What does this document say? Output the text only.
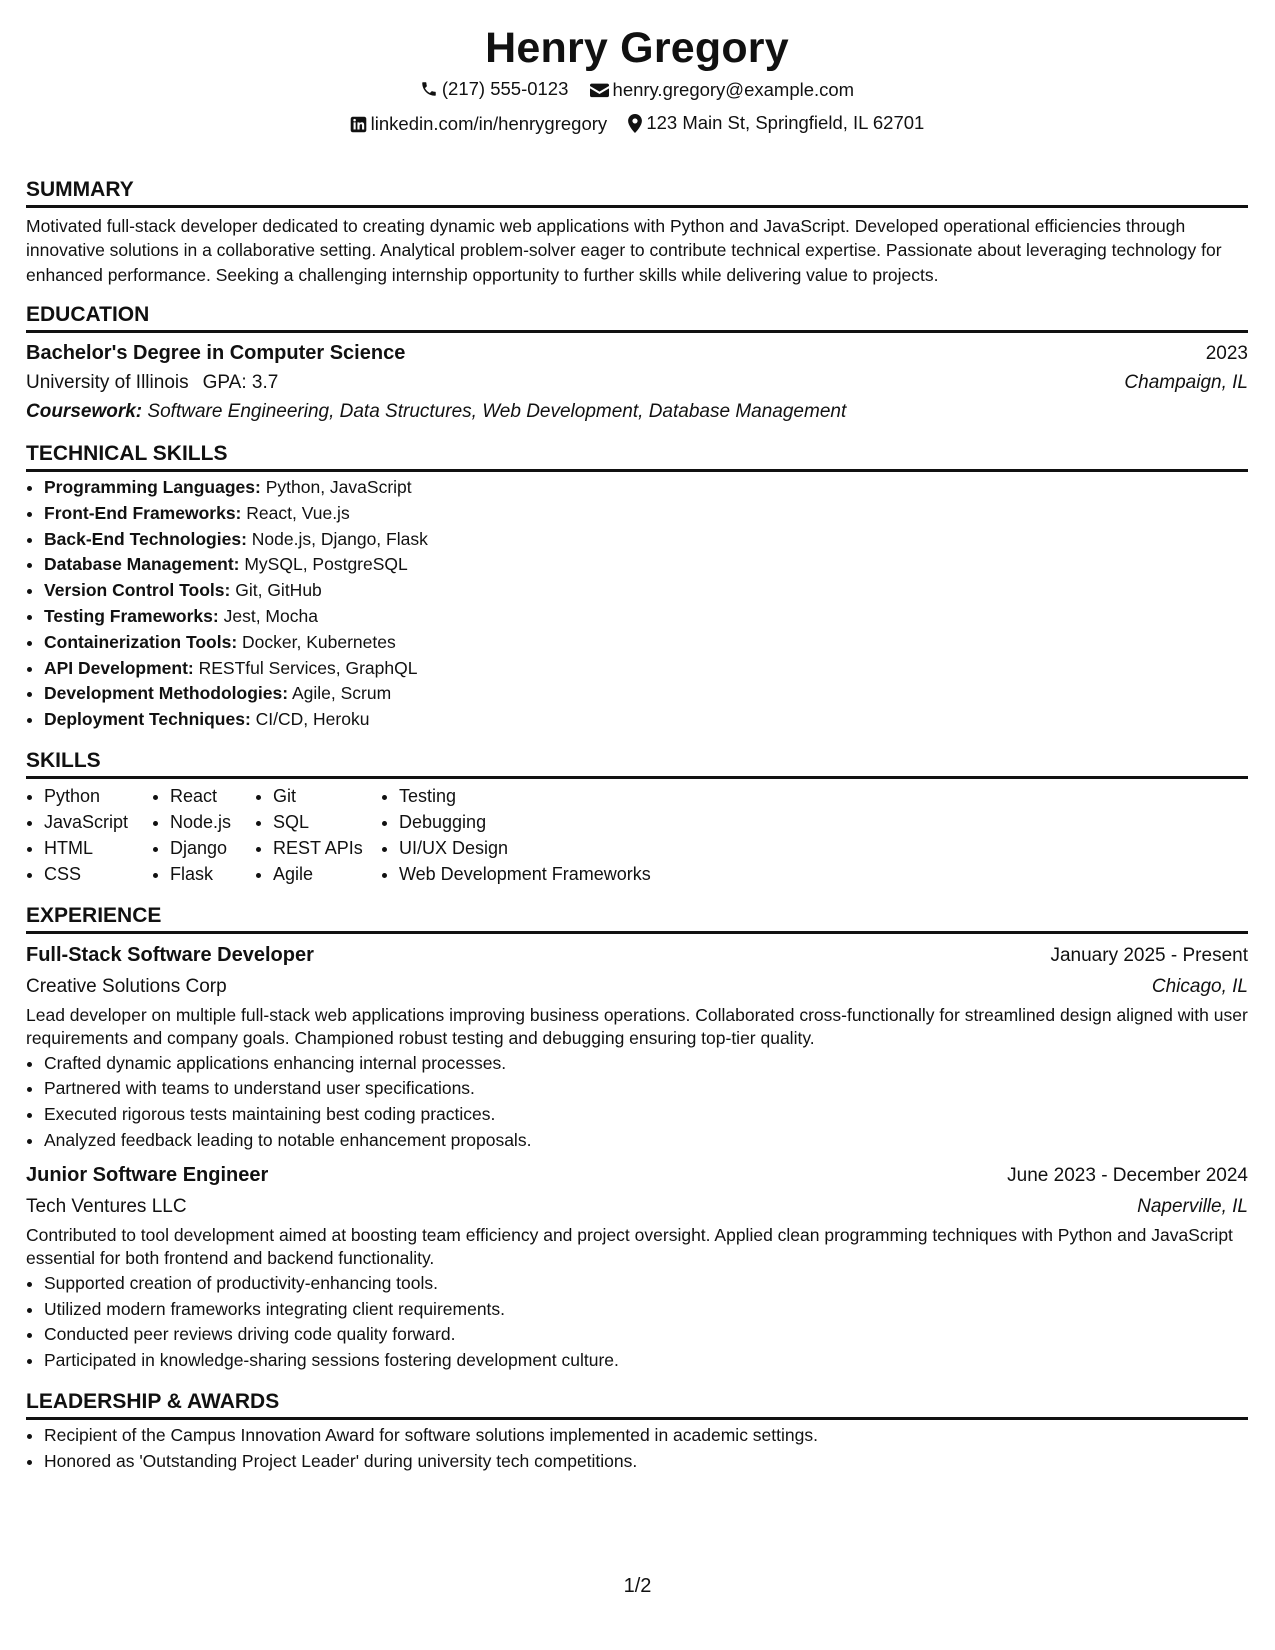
Henry Gregory
(217) 555-0123
henry.gregory@example.com
linkedin.com/in/henrygregory
123 Main St, Springfield, IL 62701
SUMMARY
Motivated full-stack developer dedicated to creating dynamic web applications with Python and JavaScript. Developed operational efficiencies through innovative solutions in a collaborative setting. Analytical problem-solver eager to contribute technical expertise. Passionate about leveraging technology for enhanced performance. Seeking a challenging internship opportunity to further skills while delivering value to projects.
EDUCATION
Bachelor's Degree in Computer Science	2023
University of Illinois GPA: 3.7	Champaign, IL
Coursework: Software Engineering, Data Structures, Web Development, Database Management
TECHNICAL SKILLS
• Programming Languages: Python, JavaScript
• Front-End Frameworks: React, Vue.js
• Back-End Technologies: Node.js, Django, Flask
• Database Management: MySQL, PostgreSQL
• Version Control Tools: Git, GitHub
• Testing Frameworks: Jest, Mocha
• Containerization Tools: Docker, Kubernetes
• API Development: RESTful Services, GraphQL
• Development Methodologies: Agile, Scrum
• Deployment Techniques: CI/CD, Heroku
SKILLS
• Python
• JavaScript
• HTML
• CSS
• React
• Node.js
• Django
• Flask
• Git
• SQL
• REST APIs
• Agile
• Testing
• Debugging
• UI/UX Design
• Web Development Frameworks
EXPERIENCE
Full-Stack Software Developer	January 2025 - Present
Creative Solutions Corp	Chicago, IL
Lead developer on multiple full-stack web applications improving business operations. Collaborated cross-functionally for streamlined design aligned with user requirements and company goals. Championed robust testing and debugging ensuring top-tier quality.
• Crafted dynamic applications enhancing internal processes.
• Partnered with teams to understand user specifications.
• Executed rigorous tests maintaining best coding practices.
• Analyzed feedback leading to notable enhancement proposals.
Junior Software Engineer	June 2023 - December 2024
Tech Ventures LLC	Naperville, IL
Contributed to tool development aimed at boosting team efficiency and project oversight. Applied clean programming techniques with Python and JavaScript essential for both frontend and backend functionality.
• Supported creation of productivity-enhancing tools.
• Utilized modern frameworks integrating client requirements.
• Conducted peer reviews driving code quality forward.
• Participated in knowledge-sharing sessions fostering development culture.
LEADERSHIP & AWARDS
• Recipient of the Campus Innovation Award for software solutions implemented in academic settings.
• Honored as 'Outstanding Project Leader' during university tech competitions.
1/2
